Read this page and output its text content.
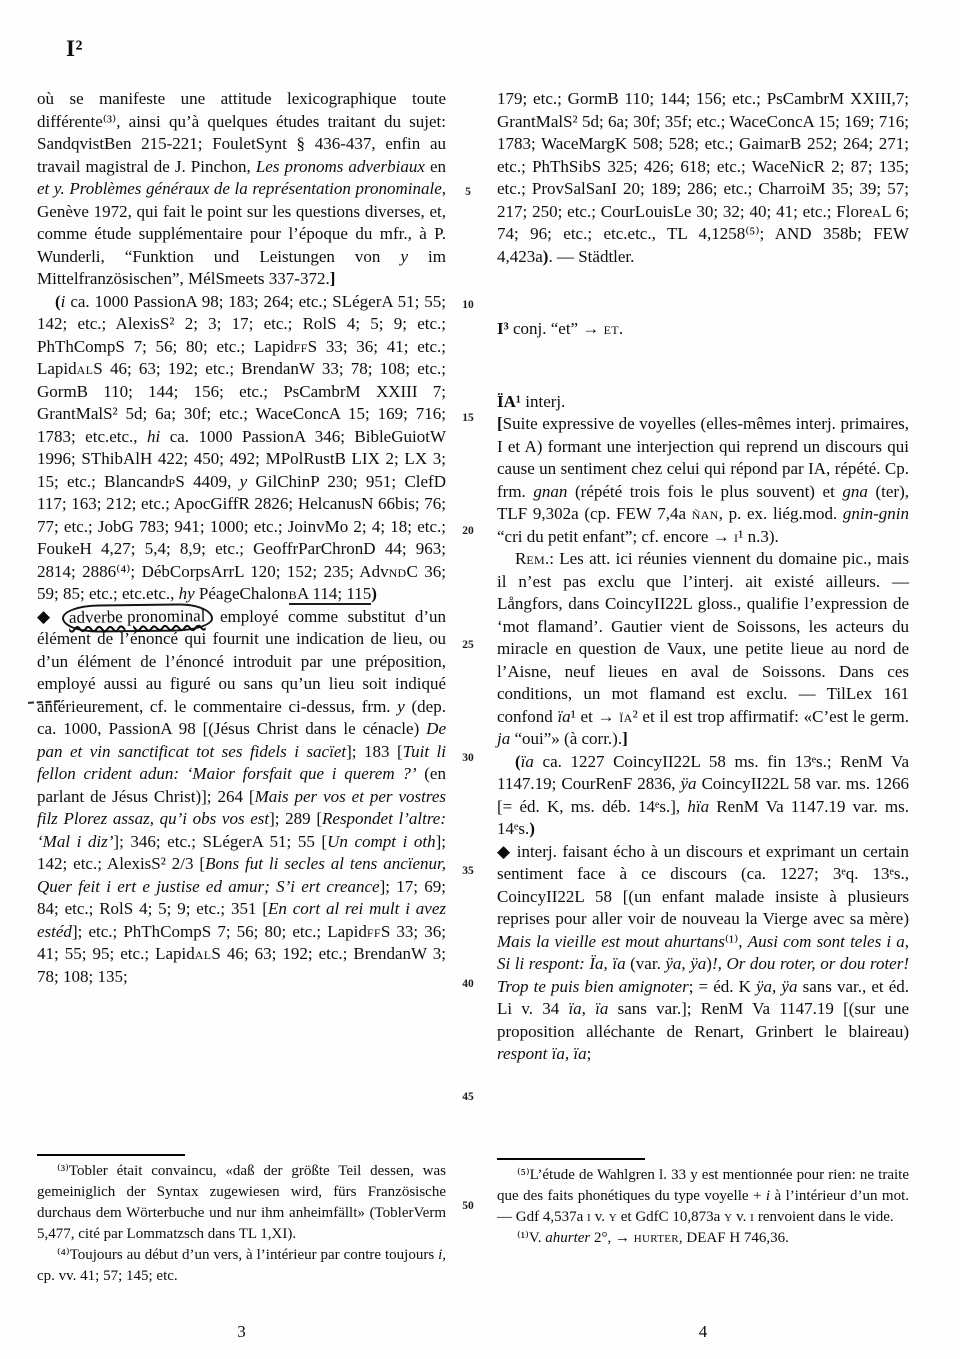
I²

où se manifeste une attitude lexicographique toute différente⁽³⁾, ainsi qu’à quelques études traitant du sujet: SandqvistBen 215-221; FouletSynt § 436-437, enfin au travail magistral de J. Pinchon, Les pronoms adverbiaux en et y. Problèmes généraux de la représentation pronominale, Genève 1972, qui fait le point sur les questions diverses, et, comme étude supplémentaire pour l’époque du mfr., à P. Wunderli, “Funktion und Leistungen von y im Mittelfranzösischen”, MélSmeets 337-372.]

(i ca. 1000 PassionA 98; 183; 264; etc.; SLégerA 51; 55; 142; etc.; AlexisS² 2; 3; 17; etc.; RolS 4; 5; 9; etc.; PhThCompS 7; 56; 80; etc.; LapidffS 33; 36; 41; etc.; LapidalS 46; 63; 192; etc.; BrendanW 33; 78; 108; etc.; GormB 110; 144; 156; etc.; PsCambrM XXIII 7; GrantMalS² 5d; 6a; 30f; etc.; WaceConcA 15; 169; 716; 1783; etc.etc., hi ca. 1000 PassionA 346; BibleGuiotW 1996; SThibAlH 422; 450; 492; MPolRustB LIX 2; LX 3; 15; etc.; BlancandpS 4409, y GilChinP 230; 951; ClefD 117; 163; 212; etc.; ApocGiffR 2826; HelcanusN 66bis; 76; 77; etc.; JobG 783; 941; 1000; etc.; JoinvMo 2; 4; 18; etc.; FoukeH 4,27; 5,4; 8,9; etc.; GeoffrParChronD 44; 963; 2814; 2886⁽⁴⁾; DébCorpsArrL 120; 152; 235; AdvndC 36; 59; 85; etc.; etc.etc., hy PéageChalonbA 114; 115)

◆ adverbe pronominal employé comme substitut d’un élément de l’énoncé qui fournit une indication de lieu, ou d’un élément de l’énoncé introduit par une préposition, employé aussi au figuré ou sans qu’un lieu soit indiqué antérieurement, cf. le commentaire ci-dessus, frm. y (dep. ca. 1000, PassionA 98 [(Jésus Christ dans le cénacle) De pan et vin sanctificat tot ses fidels i sacïet]; 183 [Tuit li fellon crident adun: ‘Maior forsfait que i querem ?’ (en parlant de Jésus Christ)]; 264 [Mais per vos et per vostres filz Plorez assaz, qu’i obs vos est]; 289 [Respondet l’altre: ‘Mal i diz’]; 346; etc.; SLégerA 51; 55 [Un compt i oth]; 142; etc.; AlexisS² 2/3 [Bons fut li secles al tens ancïenur, Quer feit i ert e justise ed amur; S’i ert creance]; 17; 69; 84; etc.; RolS 4; 5; 9; etc.; 351 [En cort al rei mult i avez estéd]; etc.; PhThCompS 7; 56; 80; etc.; LapidffS 33; 36; 41; 55; 95; etc.; LapidalS 46; 63; 192; etc.; BrendanW 3; 78; 108; 135;

⁽³⁾Tobler était convaincu, «daß der größte Teil dessen, was gemeiniglich der Syntax zugewiesen wird, fürs Französische durchaus dem Wörterbuche und nur ihm anheimfällt» (ToblerVerm 5,477, cité par Lommatzsch dans TL 1,XI).

⁽⁴⁾Toujours au début d’un vers, à l’intérieur par contre toujours i, cp. vv. 41; 57; 145; etc.

179; etc.; GormB 110; 144; 156; etc.; PsCambrM XXIII,7; GrantMalS² 5d; 6a; 30f; 35f; etc.; WaceConcA 15; 169; 716; 1783; WaceMargK 508; 528; etc.; GaimarB 252; 264; 271; etc.; PhThSibS 325; 426; 618; etc.; WaceNicR 2; 87; 135; etc.; ProvSalSanI 20; 189; 286; etc.; CharroiM 35; 39; 57; 217; 250; etc.; CourLouisLe 30; 32; 40; 41; etc.; FloreaL 6; 74; 96; etc.; etc.etc., TL 4,1258⁽⁵⁾; AND 358b; FEW 4,423a). — Städtler.

I³ conj. “et” → et.

ÏA¹ interj.

[Suite expressive de voyelles (elles-mêmes interj. primaires, I et A) formant une interjection qui reprend un discours qui cause un sentiment chez celui qui répond par IA, répété. Cp. frm. gnan (répété trois fois le plus souvent) et gna (ter), TLF 9,302a (cp. FEW 7,4a ñan, p. ex. liég.mod. gnin-gnin “cri du petit enfant”; cf. encore → i¹ n.3).

Rem.: Les att. ici réunies viennent du domaine pic., mais il n’est pas exclu que l’interj. ait existé ailleurs. — Långfors, dans CoincyII22L gloss., qualifie l’expression de ‘mot flamand’. Gautier vient de Soissons, les acteurs du miracle en question de Vaux, une petite lieue au nord de l’Aisne, neuf lieues en aval de Soissons. Dans ces conditions, un mot flamand est exclu. — TilLex 161 confond ïa¹ et → ïa² et il est trop affirmatif: «C’est le germ. ja “oui”» (à corr.).]

(ïa ca. 1227 CoincyII22L 58 ms. fin 13ᵉs.; RenM Va 1147.19; CourRenF 2836, ÿa CoincyII22L 58 var. ms. 1266 [= éd. K, ms. déb. 14ᵉs.], hïa RenM Va 1147.19 var. ms. 14ᵉs.)

◆ interj. faisant écho à un discours et exprimant un certain sentiment face à ce discours (ca. 1227; 3ᵉq. 13ᵉs., CoincyII22L 58 [(un enfant malade insiste à plusieurs reprises pour aller voir de nouveau la Vierge avec sa mère) Mais la vieille est mout ahurtans⁽¹⁾, Ausi com sont teles i a, Si li respont: Ïa, ïa (var. ÿa, ÿa)!, Or dou roter, or dou roter! Trop te puis bien amignoter; = éd. K ÿa, ÿa sans var., et éd. Li v. 34 ïa, ïa sans var.]; RenM Va 1147.19 [(sur une proposition alléchante de Renart, Grinbert le blaireau) respont ïa, ïa;

⁽⁵⁾L’étude de Wahlgren l. 33 y est mentionnée pour rien: ne traite que des faits phonétiques du type voyelle + i à l’intérieur d’un mot. — Gdf 4,537a i v. y et GdfC 10,873a y v. i renvoient dans le vide.

⁽¹⁾V. ahurter 2°, → hurter, DEAF H 746,36.

5
10
15
20
25
30
35
40
45
50
3	4
